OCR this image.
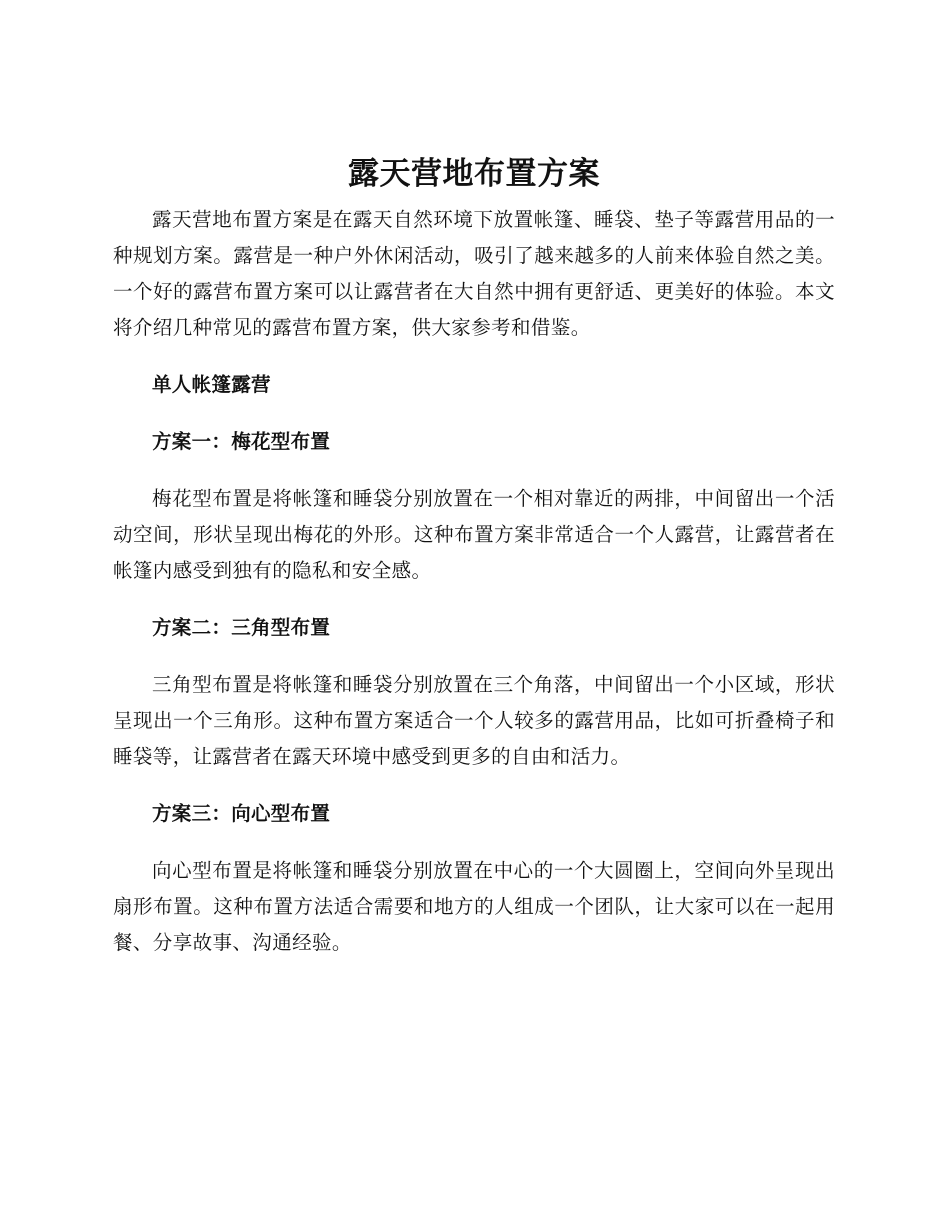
露天营地布置方案

露天营地布置方案是在露天自然环境下放置帐篷、睡袋、垫子等露营用品的一种规划方案。露营是一种户外休闲活动，吸引了越来越多的人前来体验自然之美。一个好的露营布置方案可以让露营者在大自然中拥有更舒适、更美好的体验。本文将介绍几种常见的露营布置方案，供大家参考和借鉴。

单人帐篷露营
方案一：梅花型布置

梅花型布置是将帐篷和睡袋分别放置在一个相对靠近的两排，中间留出一个活动空间，形状呈现出梅花的外形。这种布置方案非常适合一个人露营，让露营者在帐篷内感受到独有的隐私和安全感。

方案二：三角型布置

三角型布置是将帐篷和睡袋分别放置在三个角落，中间留出一个小区域，形状呈现出一个三角形。这种布置方案适合一个人较多的露营用品，比如可折叠椅子和睡袋等，让露营者在露天环境中感受到更多的自由和活力。

方案三：向心型布置

向心型布置是将帐篷和睡袋分别放置在中心的一个大圆圈上，空间向外呈现出扇形布置。这种布置方法适合需要和地方的人组成一个团队，让大家可以在一起用餐、分享故事、沟通经验。
